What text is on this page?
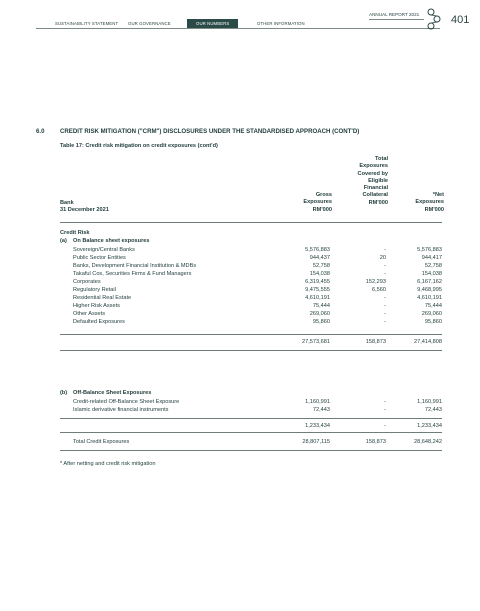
SUSTAINABILITY STATEMENT OUR GOVERNANCE	OUR NUMBERS	OTHER INFORMATION
ANNUAL REPORT 2021	401
6.0	CREDIT RISK MITIGATION ("CRM") DISCLOSURES UNDER THE STANDARDISED APPROACH (CONT'D)
Table 17: Credit risk mitigation on credit exposures (cont'd)
Bank
31 December 2021
Gross
Exposures
RM'000
Total
Exposures
Covered by
Eligible
Financial
Collateral
RM'000
*Net
Exposures
RM'000
Credit Risk
(a) On Balance sheet exposures
Sovereign/Central Banks	5,576,883	-	5,576,883
Public Sector Entities	944,437	20	944,417
Banks, Development Financial Institution & MDBs	52,758	-	52,758
Takaful Cos, Securities Firms & Fund Managers	154,038	-	154,038
Corporates	6,319,455	152,293	6,167,162
Regulatory Retail	9,475,555	6,560	9,468,995
Residential Real Estate	4,610,191	-	4,610,191
Higher Risk Assets	75,444	-	75,444
Other Assets	269,060	-	269,060
Defaulted Exposures	95,860	-	95,860
27,573,681	158,873	27,414,808
(b) Off-Balance Sheet Exposures
Credit-related Off-Balance Sheet Exposure	1,160,991	-	1,160,991
Islamic derivative financial instruments	72,443	-	72,443
1,233,434	-	1,233,434
Total Credit Exposures	28,807,115	158,873	28,648,242
* After netting and credit risk mitigation
